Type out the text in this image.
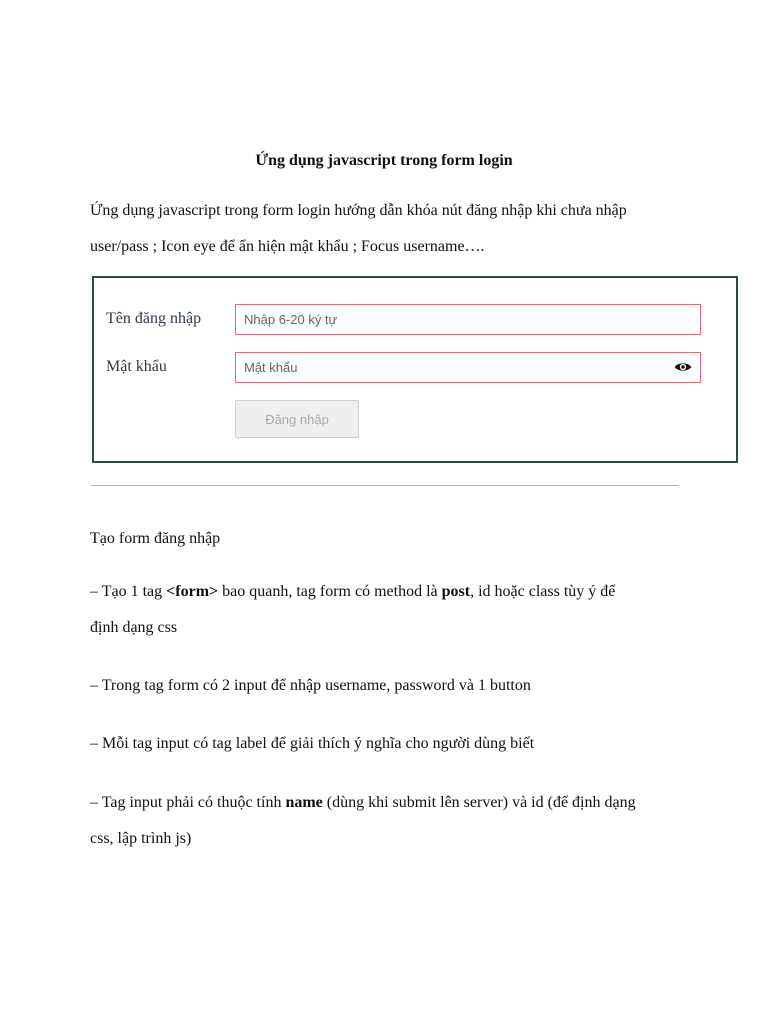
Ứng dụng javascript trong form login
Ứng dụng javascript trong form login hướng dẫn khóa nút đăng nhập khi chưa nhập
user/pass ; Icon eye để ẩn hiện mật khẩu ; Focus username….
Tên đăng nhập
Nhập 6-20 ký tự
Mật khẩu
Đăng nhập
Tạo form đăng nhập
– Tạo 1 tag <form> bao quanh, tag form có method là post, id hoặc class tùy ý để
định dạng css
– Trong tag form có 2 input để nhập username, password và 1 button
– Mỗi tag input có tag label để giải thích ý nghĩa cho người dùng biết
– Tag input phải có thuộc tính name (dùng khi submit lên server) và id (để định dạng
css, lập trình js)
